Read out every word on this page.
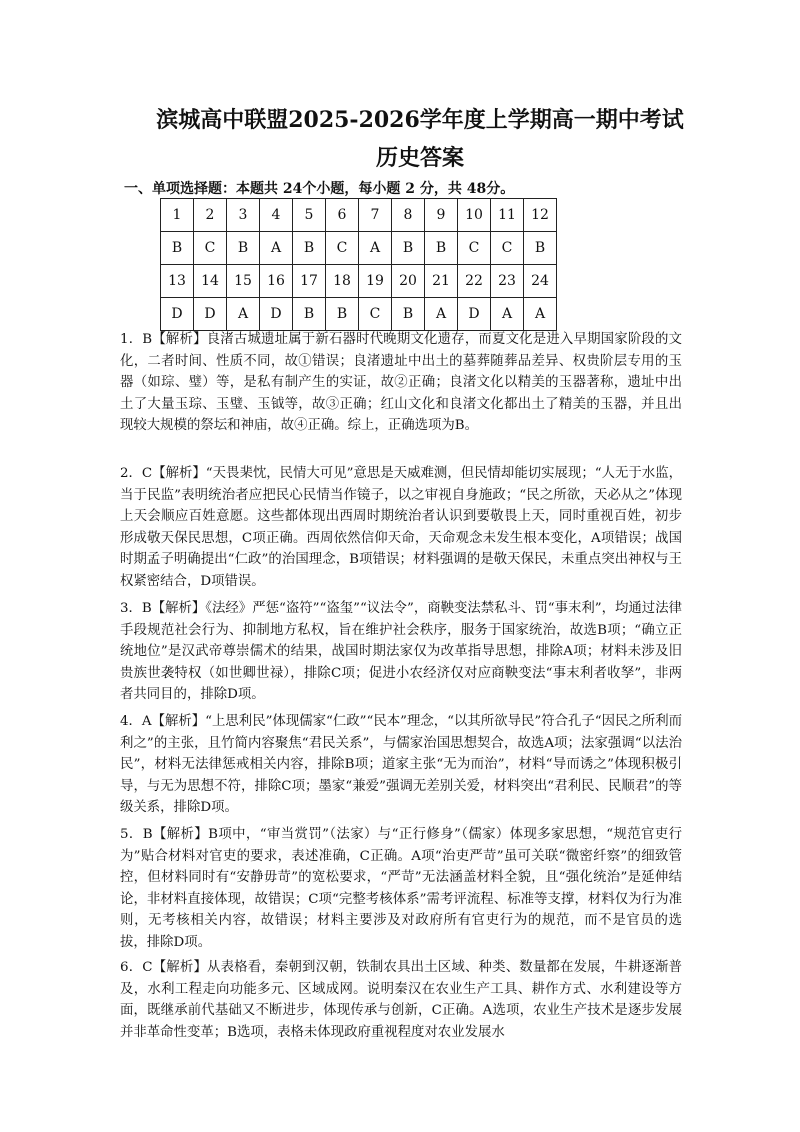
滨城高中联盟2025-2026学年度上学期高一期中考试
历史答案

一、单项选择题：本题共 24个小题，每小题 2 分，共 48分。

1	2	3	4	5	6	7	8	9	10	11	12
B	C	B	A	B	C	A	B	B	C	C	B
13	14	15	16	17	18	19	20	21	22	23	24
D	D	A	D	B	B	C	B	A	D	A	A

1．B【解析】良渚古城遗址属于新石器时代晚期文化遗存，而夏文化是进入早期国家阶段的文化，二者时间、性质不同，故①错误；良渚遗址中出土的墓葬随葬品差异、权贵阶层专用的玉器（如琮、璧）等，是私有制产生的实证，故②正确；良渚文化以精美的玉器著称，遗址中出土了大量玉琮、玉璧、玉钺等，故③正确；红山文化和良渚文化都出土了精美的玉器，并且出现较大规模的祭坛和神庙，故④正确。综上，正确选项为B。

2．C【解析】“天畏棐忱，民情大可见”意思是天威难测，但民情却能切实展现；“人无于水监，当于民监”表明统治者应把民心民情当作镜子，以之审视自身施政；“民之所欲，天必从之”体现上天会顺应百姓意愿。这些都体现出西周时期统治者认识到要敬畏上天，同时重视百姓，初步形成敬天保民思想，C项正确。西周依然信仰天命，天命观念未发生根本变化，A项错误；战国时期孟子明确提出“仁政”的治国理念，B项错误；材料强调的是敬天保民，未重点突出神权与王权紧密结合，D项错误。

3．B【解析】《法经》严惩“盗符”“盗玺”“议法令”，商鞅变法禁私斗、罚“事末利”，均通过法律手段规范社会行为、抑制地方私权，旨在维护社会秩序，服务于国家统治，故选B项；“确立正统地位”是汉武帝尊崇儒术的结果，战国时期法家仅为改革指导思想，排除A项；材料未涉及旧贵族世袭特权（如世卿世禄），排除C项；促进小农经济仅对应商鞅变法“事末利者收孥”，非两者共同目的，排除D项。

4．A【解析】“上思利民”体现儒家“仁政”“民本”理念，“以其所欲导民”符合孔子“因民之所利而利之”的主张，且竹简内容聚焦“君民关系”，与儒家治国思想契合，故选A项；法家强调“以法治民”，材料无法律惩戒相关内容，排除B项；道家主张“无为而治”，材料“导而诱之”体现积极引导，与无为思想不符，排除C项；墨家“兼爱”强调无差别关爱，材料突出“君利民、民顺君”的等级关系，排除D项。

5．B【解析】B项中，“审当赏罚”（法家）与“正行修身”（儒家）体现多家思想，“规范官吏行为”贴合材料对官吏的要求，表述准确，C正确。A项“治吏严苛”虽可关联“微密纤察”的细致管控，但材料同时有“安静毋苛”的宽松要求，“严苛”无法涵盖材料全貌，且“强化统治”是延伸结论，非材料直接体现，故错误；C项“完整考核体系”需考评流程、标准等支撑，材料仅为行为准则，无考核相关内容，故错误；材料主要涉及对政府所有官吏行为的规范，而不是官员的选拔，排除D项。

6．C【解析】从表格看，秦朝到汉朝，铁制农具出土区域、种类、数量都在发展，牛耕逐渐普及，水利工程走向功能多元、区域成网。说明秦汉在农业生产工具、耕作方式、水利建设等方面，既继承前代基础又不断进步，体现传承与创新，C正确。A选项，农业生产技术是逐步发展并非革命性变革；B选项，表格未体现政府重视程度对农业发展水
